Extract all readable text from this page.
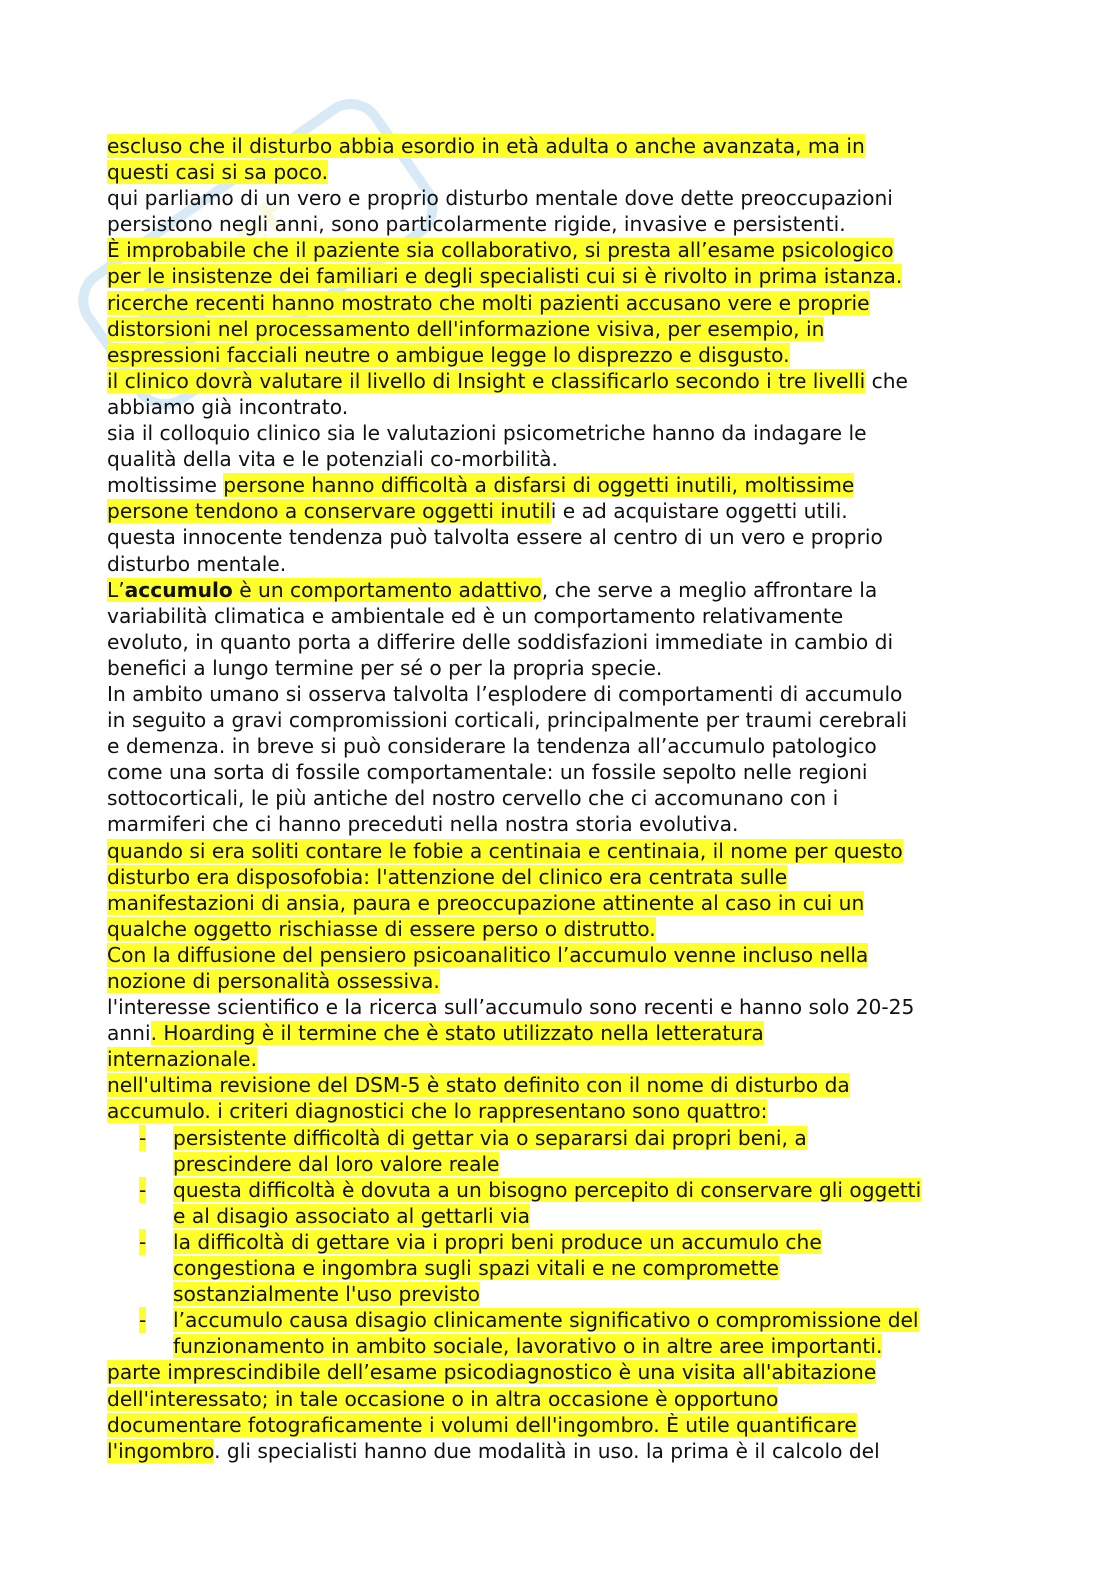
net
escluso che il disturbo abbia esordio in età adulta o anche avanzata, ma in
questi casi si sa poco.
qui parliamo di un vero e proprio disturbo mentale dove dette preoccupazioni
persistono negli anni, sono particolarmente rigide, invasive e persistenti.
È improbabile che il paziente sia collaborativo, si presta all’esame psicologico
per le insistenze dei familiari e degli specialisti cui si è rivolto in prima istanza.
ricerche recenti hanno mostrato che molti pazienti accusano vere e proprie
distorsioni nel processamento dell'informazione visiva, per esempio, in
espressioni facciali neutre o ambigue legge lo disprezzo e disgusto.
il clinico dovrà valutare il livello di Insight e classificarlo secondo i tre livelli che
abbiamo già incontrato.
sia il colloquio clinico sia le valutazioni psicometriche hanno da indagare le
qualità della vita e le potenziali co-morbilità.
moltissime persone hanno difficoltà a disfarsi di oggetti inutili, moltissime
persone tendono a conservare oggetti inutili e ad acquistare oggetti utili.
questa innocente tendenza può talvolta essere al centro di un vero e proprio
disturbo mentale.
L’accumulo è un comportamento adattivo, che serve a meglio affrontare la
variabilità climatica e ambientale ed è un comportamento relativamente
evoluto, in quanto porta a differire delle soddisfazioni immediate in cambio di
benefici a lungo termine per sé o per la propria specie.
In ambito umano si osserva talvolta l’esplodere di comportamenti di accumulo
in seguito a gravi compromissioni corticali, principalmente per traumi cerebrali
e demenza. in breve si può considerare la tendenza all’accumulo patologico
come una sorta di fossile comportamentale: un fossile sepolto nelle regioni
sottocorticali, le più antiche del nostro cervello che ci accomunano con i
marmiferi che ci hanno preceduti nella nostra storia evolutiva.
quando si era soliti contare le fobie a centinaia e centinaia, il nome per questo
disturbo era disposofobia: l'attenzione del clinico era centrata sulle
manifestazioni di ansia, paura e preoccupazione attinente al caso in cui un
qualche oggetto rischiasse di essere perso o distrutto.
Con la diffusione del pensiero psicoanalitico l’accumulo venne incluso nella
nozione di personalità ossessiva.
l'interesse scientifico e la ricerca sull’accumulo sono recenti e hanno solo 20-25
anni. Hoarding è il termine che è stato utilizzato nella letteratura
internazionale.
nell'ultima revisione del DSM-5 è stato definito con il nome di disturbo da
accumulo. i criteri diagnostici che lo rappresentano sono quattro:
- persistente difficoltà di gettar via o separarsi dai propri beni, a
prescindere dal loro valore reale
- questa difficoltà è dovuta a un bisogno percepito di conservare gli oggetti
e al disagio associato al gettarli via
- la difficoltà di gettare via i propri beni produce un accumulo che
congestiona e ingombra sugli spazi vitali e ne compromette
sostanzialmente l'uso previsto
- l’accumulo causa disagio clinicamente significativo o compromissione del
funzionamento in ambito sociale, lavorativo o in altre aree importanti.
parte imprescindibile dell’esame psicodiagnostico è una visita all'abitazione
dell'interessato; in tale occasione o in altra occasione è opportuno
documentare fotograficamente i volumi dell'ingombro. È utile quantificare
l'ingombro. gli specialisti hanno due modalità in uso. la prima è il calcolo del
